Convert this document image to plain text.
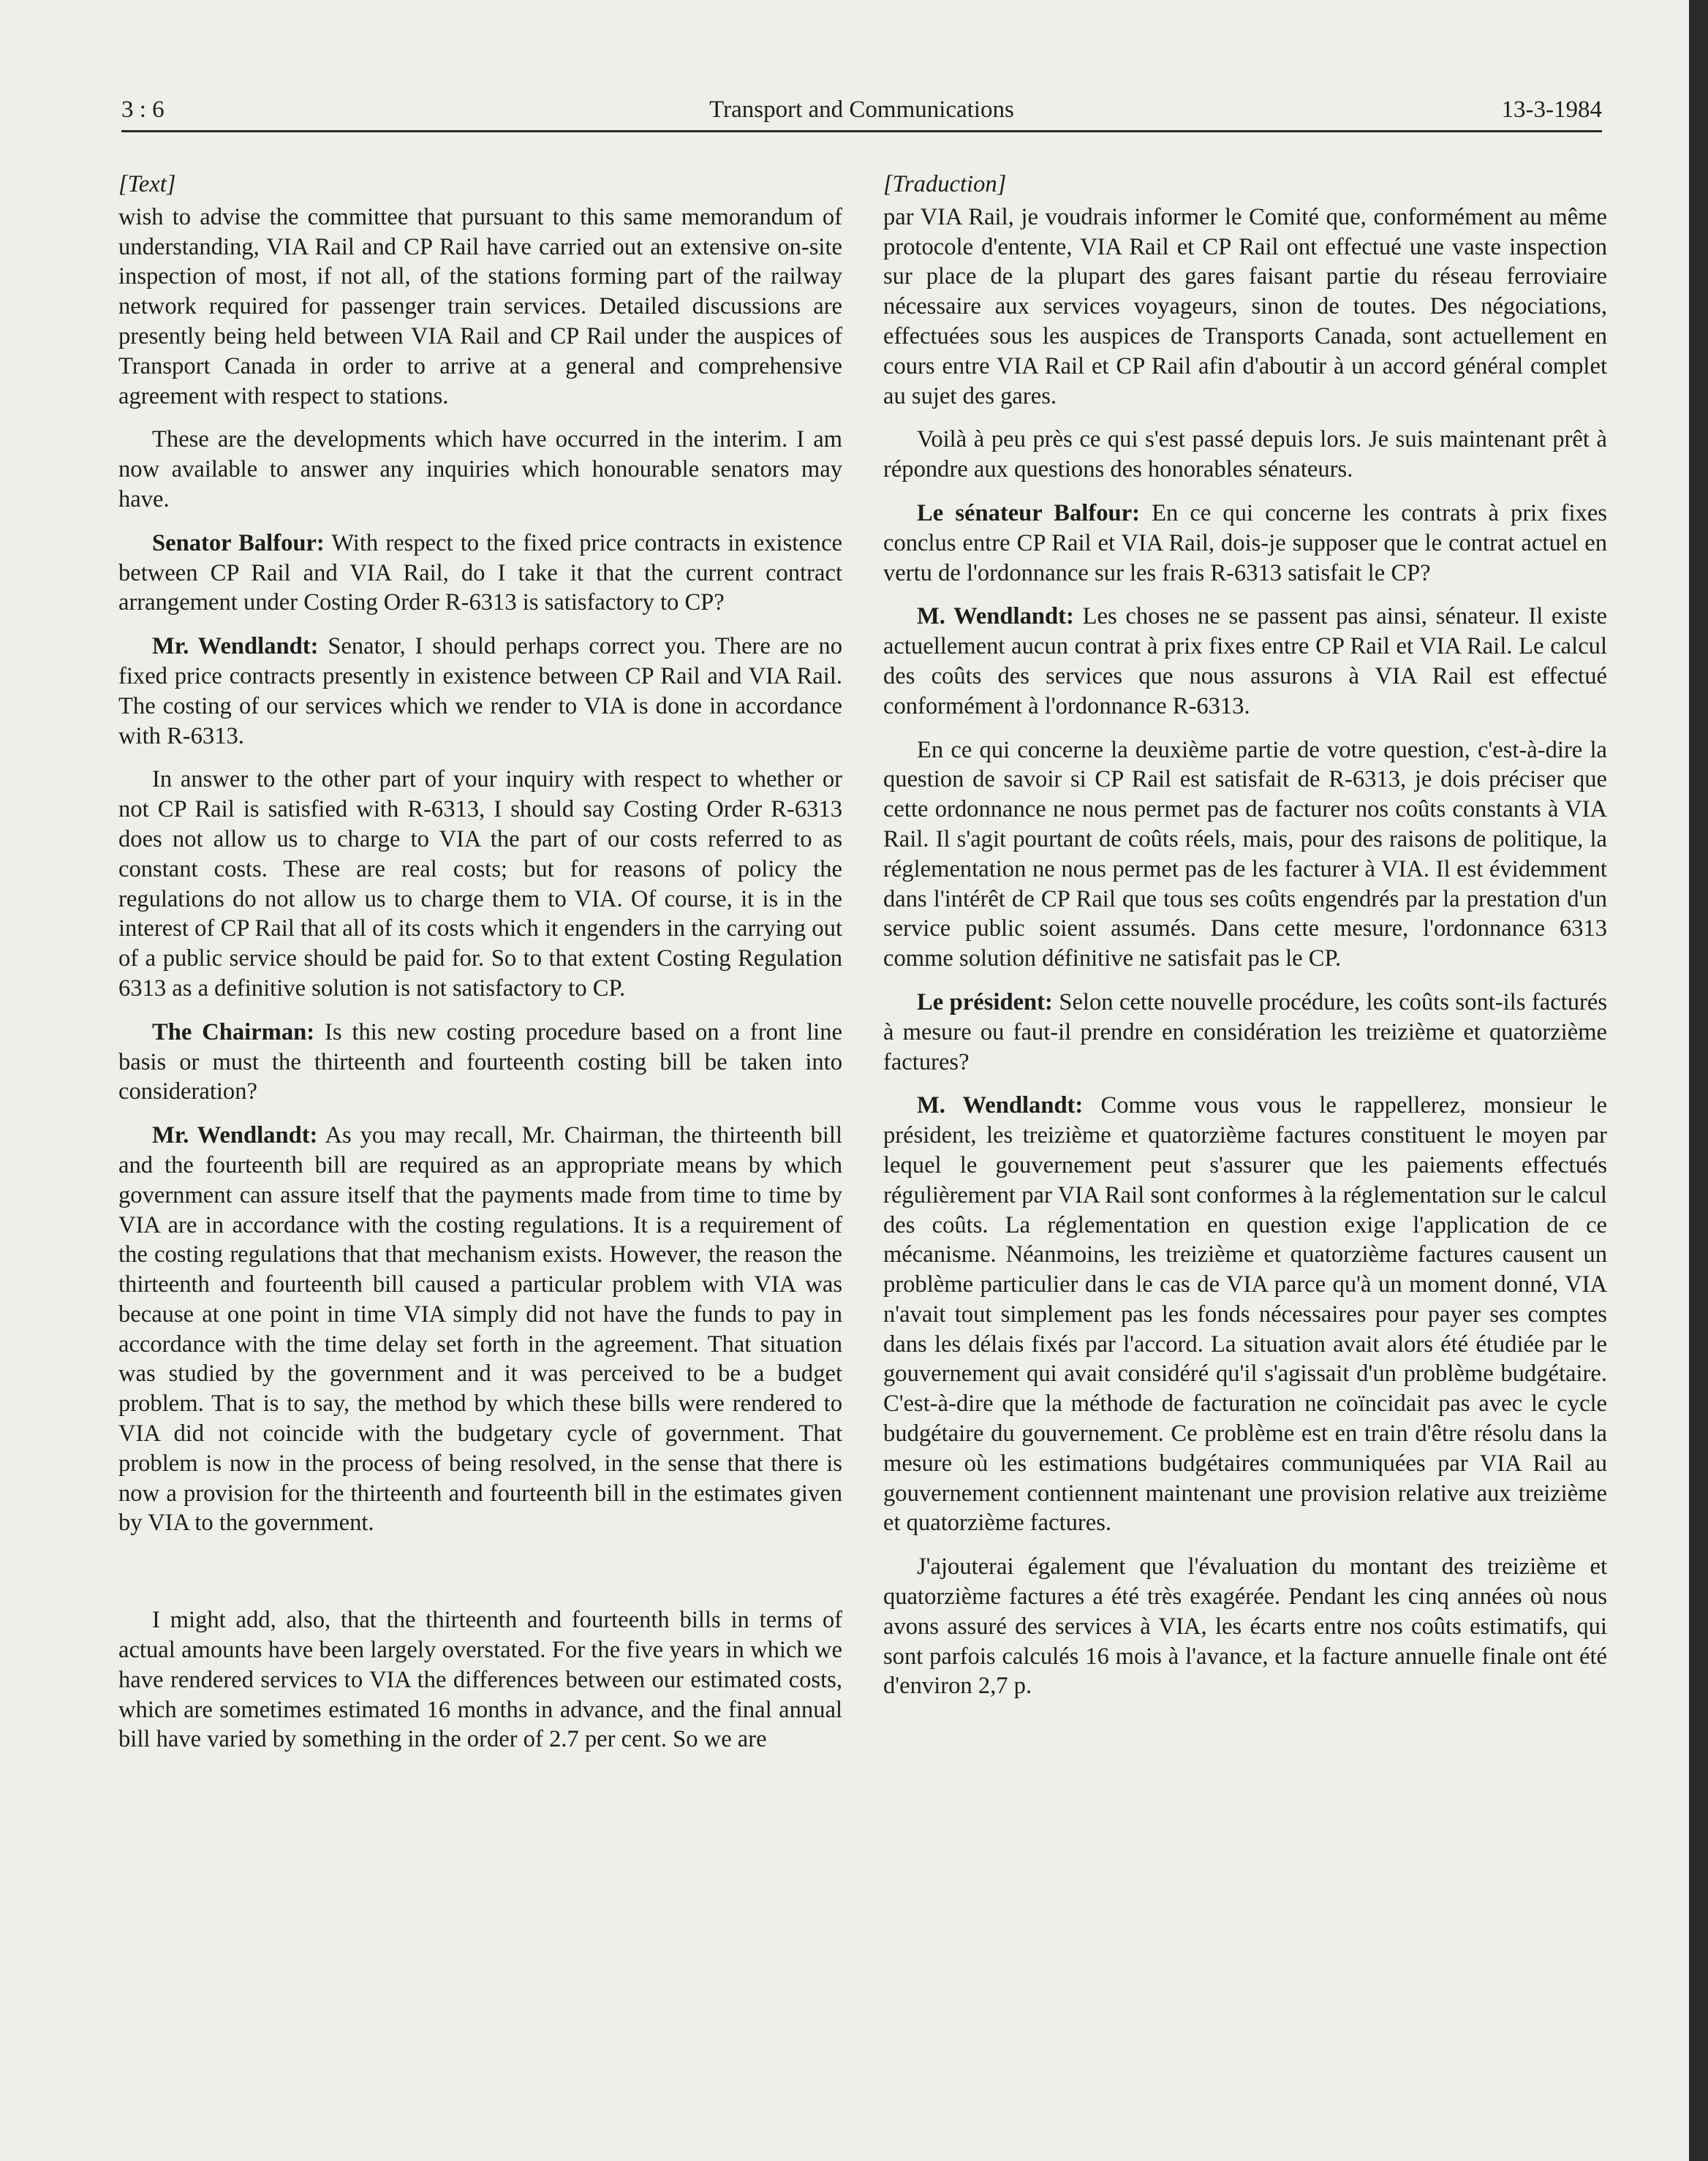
3 : 6	Transport and Communications	13-3-1984

[Text]

wish to advise the committee that pursuant to this same memorandum of understanding, VIA Rail and CP Rail have carried out an extensive on-site inspection of most, if not all, of the stations forming part of the railway network required for passenger train services. Detailed discussions are presently being held between VIA Rail and CP Rail under the auspices of Transport Canada in order to arrive at a general and comprehensive agreement with respect to stations.

These are the developments which have occurred in the interim. I am now available to answer any inquiries which honourable senators may have.

Senator Balfour: With respect to the fixed price contracts in existence between CP Rail and VIA Rail, do I take it that the current contract arrangement under Costing Order R-6313 is satisfactory to CP?

Mr. Wendlandt: Senator, I should perhaps correct you. There are no fixed price contracts presently in existence between CP Rail and VIA Rail. The costing of our services which we render to VIA is done in accordance with R-6313.

In answer to the other part of your inquiry with respect to whether or not CP Rail is satisfied with R-6313, I should say Costing Order R-6313 does not allow us to charge to VIA the part of our costs referred to as constant costs. These are real costs; but for reasons of policy the regulations do not allow us to charge them to VIA. Of course, it is in the interest of CP Rail that all of its costs which it engenders in the carrying out of a public service should be paid for. So to that extent Costing Regulation 6313 as a definitive solution is not satisfactory to CP.

The Chairman: Is this new costing procedure based on a front line basis or must the thirteenth and fourteenth costing bill be taken into consideration?

Mr. Wendlandt: As you may recall, Mr. Chairman, the thirteenth bill and the fourteenth bill are required as an appropriate means by which government can assure itself that the payments made from time to time by VIA are in accordance with the costing regulations. It is a requirement of the costing regulations that that mechanism exists. However, the reason the thirteenth and fourteenth bill caused a particular problem with VIA was because at one point in time VIA simply did not have the funds to pay in accordance with the time delay set forth in the agreement. That situation was studied by the government and it was perceived to be a budget problem. That is to say, the method by which these bills were rendered to VIA did not coincide with the budgetary cycle of government. That problem is now in the process of being resolved, in the sense that there is now a provision for the thirteenth and fourteenth bill in the estimates given by VIA to the government.

I might add, also, that the thirteenth and fourteenth bills in terms of actual amounts have been largely overstated. For the five years in which we have rendered services to VIA the differences between our estimated costs, which are sometimes estimated 16 months in advance, and the final annual bill have varied by something in the order of 2.7 per cent. So we are

[Traduction]

par VIA Rail, je voudrais informer le Comité que, conformément au même protocole d'entente, VIA Rail et CP Rail ont effectué une vaste inspection sur place de la plupart des gares faisant partie du réseau ferroviaire nécessaire aux services voyageurs, sinon de toutes. Des négociations, effectuées sous les auspices de Transports Canada, sont actuellement en cours entre VIA Rail et CP Rail afin d'aboutir à un accord général complet au sujet des gares.

Voilà à peu près ce qui s'est passé depuis lors. Je suis maintenant prêt à répondre aux questions des honorables sénateurs.

Le sénateur Balfour: En ce qui concerne les contrats à prix fixes conclus entre CP Rail et VIA Rail, dois-je supposer que le contrat actuel en vertu de l'ordonnance sur les frais R-6313 satisfait le CP?

M. Wendlandt: Les choses ne se passent pas ainsi, sénateur. Il existe actuellement aucun contrat à prix fixes entre CP Rail et VIA Rail. Le calcul des coûts des services que nous assurons à VIA Rail est effectué conformément à l'ordonnance R-6313.

En ce qui concerne la deuxième partie de votre question, c'est-à-dire la question de savoir si CP Rail est satisfait de R-6313, je dois préciser que cette ordonnance ne nous permet pas de facturer nos coûts constants à VIA Rail. Il s'agit pourtant de coûts réels, mais, pour des raisons de politique, la réglementation ne nous permet pas de les facturer à VIA. Il est évidemment dans l'intérêt de CP Rail que tous ses coûts engendrés par la prestation d'un service public soient assumés. Dans cette mesure, l'ordonnance 6313 comme solution définitive ne satisfait pas le CP.

Le président: Selon cette nouvelle procédure, les coûts sont-ils facturés à mesure ou faut-il prendre en considération les treizième et quatorzième factures?

M. Wendlandt: Comme vous vous le rappellerez, monsieur le président, les treizième et quatorzième factures constituent le moyen par lequel le gouvernement peut s'assurer que les paiements effectués régulièrement par VIA Rail sont conformes à la réglementation sur le calcul des coûts. La réglementation en question exige l'application de ce mécanisme. Néanmoins, les treizième et quatorzième factures causent un problème particulier dans le cas de VIA parce qu'à un moment donné, VIA n'avait tout simplement pas les fonds nécessaires pour payer ses comptes dans les délais fixés par l'accord. La situation avait alors été étudiée par le gouvernement qui avait considéré qu'il s'agissait d'un problème budgétaire. C'est-à-dire que la méthode de facturation ne coïncidait pas avec le cycle budgétaire du gouvernement. Ce problème est en train d'être résolu dans la mesure où les estimations budgétaires communiquées par VIA Rail au gouvernement contiennent maintenant une provision relative aux treizième et quatorzième factures.

J'ajouterai également que l'évaluation du montant des treizième et quatorzième factures a été très exagérée. Pendant les cinq années où nous avons assuré des services à VIA, les écarts entre nos coûts estimatifs, qui sont parfois calculés 16 mois à l'avance, et la facture annuelle finale ont été d'environ 2,7 p.
